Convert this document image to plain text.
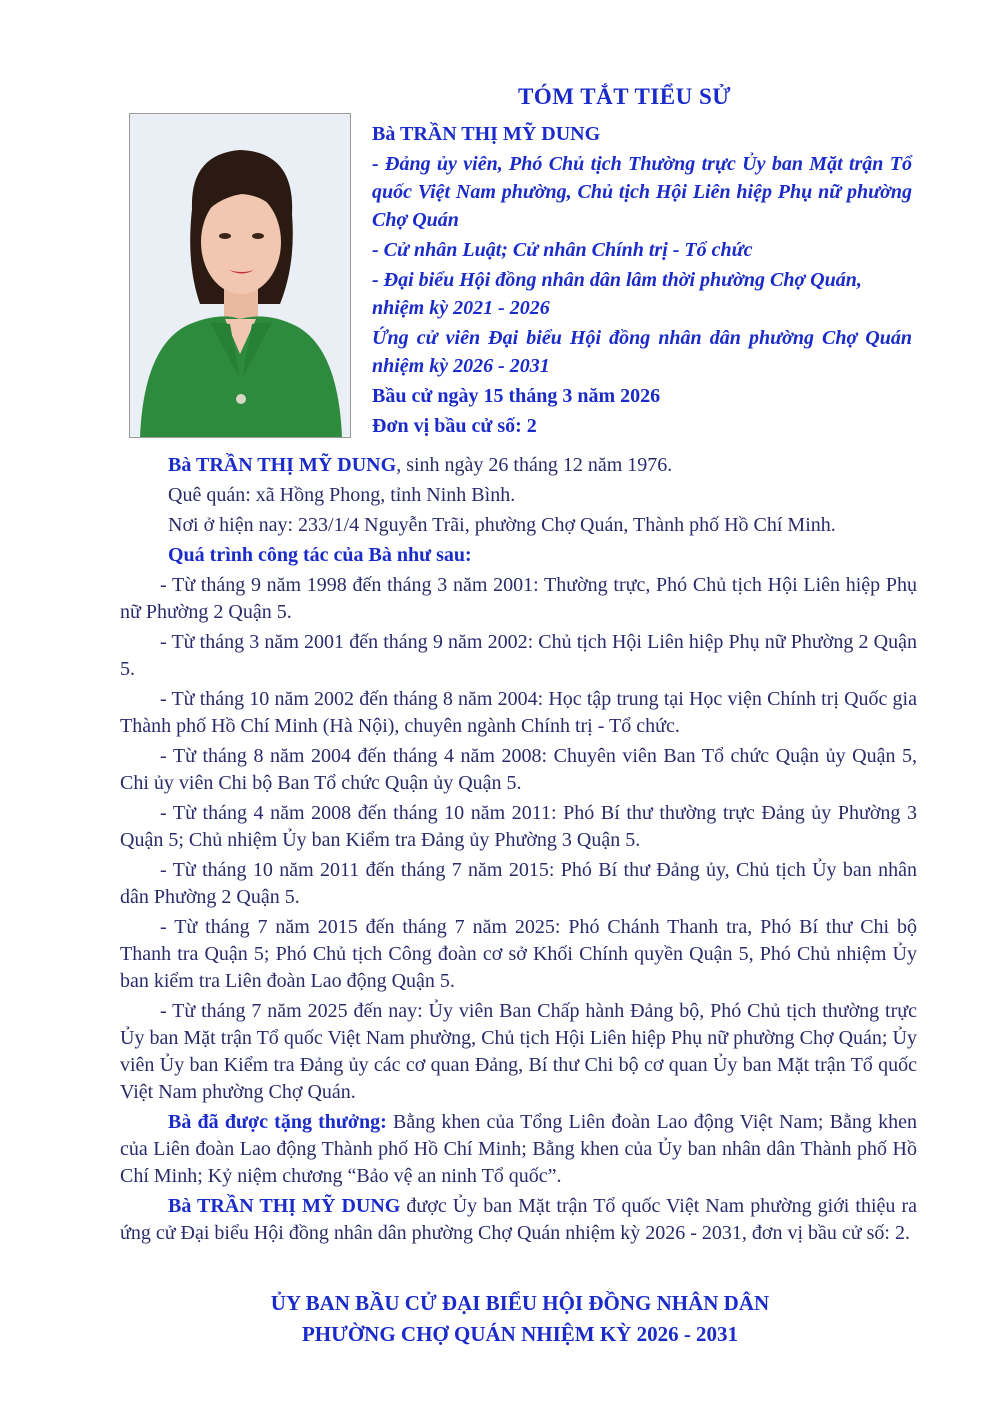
TÓM TẮT TIỂU SỬ
Bà TRẦN THỊ MỸ DUNG
- Đảng ủy viên, Phó Chủ tịch Thường trực Ủy ban Mặt trận Tổ quốc Việt Nam phường, Chủ tịch Hội Liên hiệp Phụ nữ phường Chợ Quán
- Cử nhân Luật; Cử nhân Chính trị - Tổ chức
- Đại biểu Hội đồng nhân dân lâm thời phường Chợ Quán, nhiệm kỳ 2021 - 2026
Ứng cử viên Đại biểu Hội đồng nhân dân phường Chợ Quán nhiệm kỳ 2026 - 2031
Bầu cử ngày 15 tháng 3 năm 2026
Đơn vị bầu cử số: 2

Bà TRẦN THỊ MỸ DUNG, sinh ngày 26 tháng 12 năm 1976.

Quê quán: xã Hồng Phong, tỉnh Ninh Bình.

Nơi ở hiện nay: 233/1/4 Nguyễn Trãi, phường Chợ Quán, Thành phố Hồ Chí Minh.

Quá trình công tác của Bà như sau:

- Từ tháng 9 năm 1998 đến tháng 3 năm 2001: Thường trực, Phó Chủ tịch Hội Liên hiệp Phụ nữ Phường 2 Quận 5.

- Từ tháng 3 năm 2001 đến tháng 9 năm 2002: Chủ tịch Hội Liên hiệp Phụ nữ Phường 2 Quận 5.

- Từ tháng 10 năm 2002 đến tháng 8 năm 2004: Học tập trung tại Học viện Chính trị Quốc gia Thành phố Hồ Chí Minh (Hà Nội), chuyên ngành Chính trị - Tổ chức.

- Từ tháng 8 năm 2004 đến tháng 4 năm 2008: Chuyên viên Ban Tổ chức Quận ủy Quận 5, Chi ủy viên Chi bộ Ban Tổ chức Quận ủy Quận 5.

- Từ tháng 4 năm 2008 đến tháng 10 năm 2011: Phó Bí thư thường trực Đảng ủy Phường 3 Quận 5; Chủ nhiệm Ủy ban Kiểm tra Đảng ủy Phường 3 Quận 5.

- Từ tháng 10 năm 2011 đến tháng 7 năm 2015: Phó Bí thư Đảng ủy, Chủ tịch Ủy ban nhân dân Phường 2 Quận 5.

- Từ tháng 7 năm 2015 đến tháng 7 năm 2025: Phó Chánh Thanh tra, Phó Bí thư Chi bộ Thanh tra Quận 5; Phó Chủ tịch Công đoàn cơ sở Khối Chính quyền Quận 5, Phó Chủ nhiệm Ủy ban kiểm tra Liên đoàn Lao động Quận 5.

- Từ tháng 7 năm 2025 đến nay: Ủy viên Ban Chấp hành Đảng bộ, Phó Chủ tịch thường trực Ủy ban Mặt trận Tổ quốc Việt Nam phường, Chủ tịch Hội Liên hiệp Phụ nữ phường Chợ Quán; Ủy viên Ủy ban Kiểm tra Đảng ủy các cơ quan Đảng, Bí thư Chi bộ cơ quan Ủy ban Mặt trận Tổ quốc Việt Nam phường Chợ Quán.

Bà đã được tặng thưởng: Bằng khen của Tổng Liên đoàn Lao động Việt Nam; Bằng khen của Liên đoàn Lao động Thành phố Hồ Chí Minh; Bằng khen của Ủy ban nhân dân Thành phố Hồ Chí Minh; Kỷ niệm chương “Bảo vệ an ninh Tổ quốc”.

Bà TRẦN THỊ MỸ DUNG được Ủy ban Mặt trận Tổ quốc Việt Nam phường giới thiệu ra ứng cử Đại biểu Hội đồng nhân dân phường Chợ Quán nhiệm kỳ 2026 - 2031, đơn vị bầu cử số: 2.

ỦY BAN BẦU CỬ ĐẠI BIỂU HỘI ĐỒNG NHÂN DÂN
PHƯỜNG CHỢ QUÁN NHIỆM KỲ 2026 - 2031
